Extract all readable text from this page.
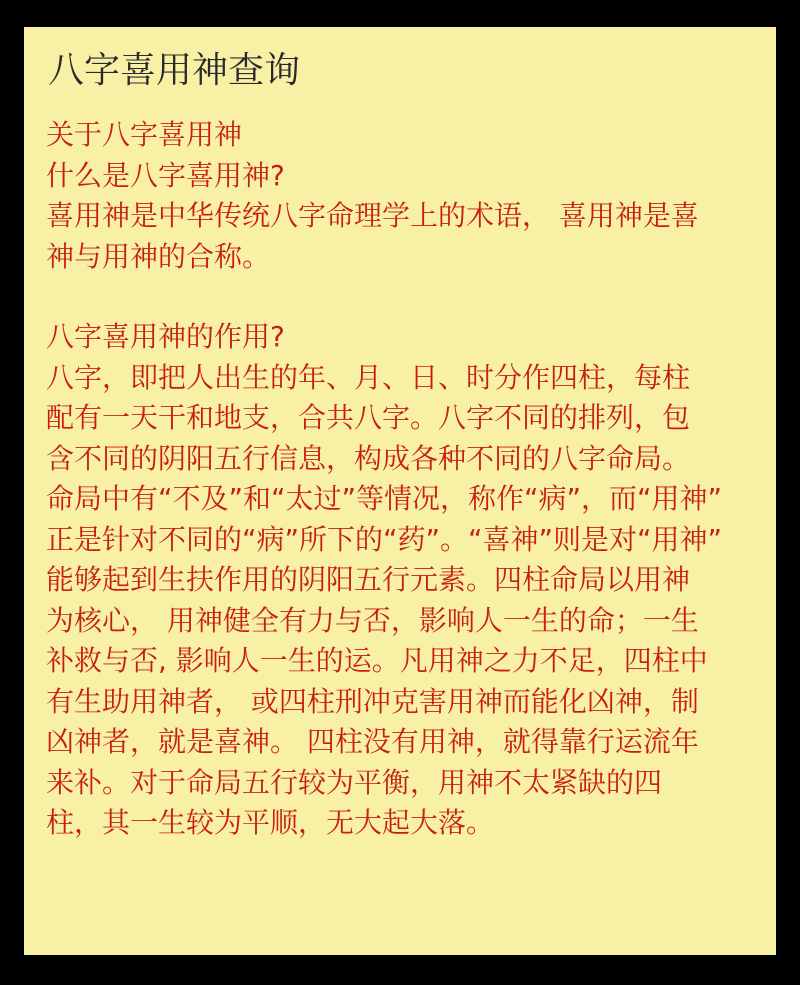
八字喜用神查询
关于八字喜用神
什么是八字喜用神?
喜用神是中华传统八字命理学上的术语， 喜用神是喜
神与用神的合称。
八字喜用神的作用?
八字，即把人出生的年、月、日、时分作四柱，每柱
配有一天干和地支，合共八字。八字不同的排列，包
含不同的阴阳五行信息，构成各种不同的八字命局。
命局中有“不及”和“太过”等情况，称作“病”，而“用神”
正是针对不同的“病”所下的“药”。“喜神”则是对“用神”
能够起到生扶作用的阴阳五行元素。四柱命局以用神
为核心， 用神健全有力与否，影响人一生的命；一生
补救与否, 影响人一生的运。凡用神之力不足，四柱中
有生助用神者， 或四柱刑冲克害用神而能化凶神，制
凶神者，就是喜神。 四柱没有用神，就得靠行运流年
来补。对于命局五行较为平衡，用神不太紧缺的四
柱，其一生较为平顺，无大起大落。
